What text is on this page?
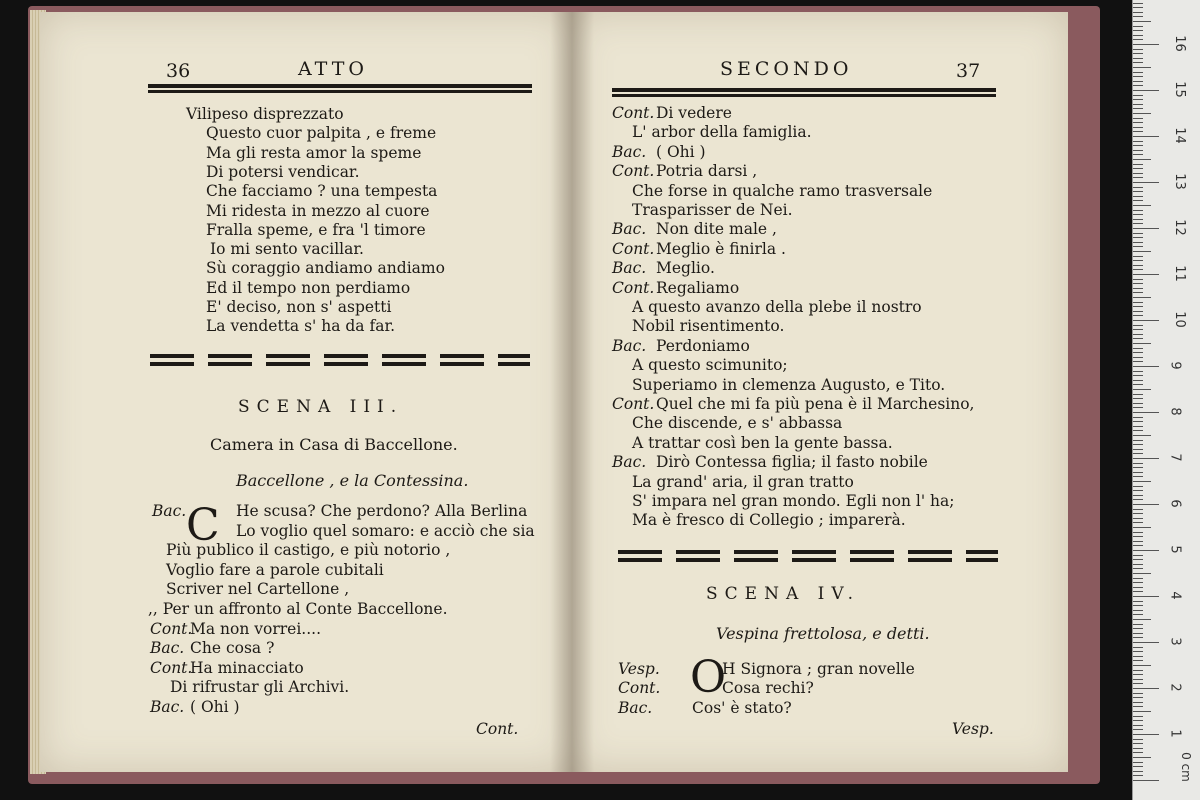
36	ATTO
Vilipeso disprezzato
Questo cuor palpita , e freme
Ma gli resta amor la speme
Di potersi vendicar.
Che facciamo ? una tempesta
Mi ridesta in mezzo al cuore
Fralla speme, e fra 'l timore
Io mi sento vacillar.
Sù coraggio andiamo andiamo
Ed il tempo non perdiamo
E' deciso, non s' aspetti
La vendetta s' ha da far.
SCENA III.
Camera in Casa di Baccellone.
Baccellone , e la Contessina.
C
Bac.	He scusa? Che perdono? Alla Berlina
Lo voglio quel somaro: e acciò che sia
Più publico il castigo, e più notorio ,
Voglio fare a parole cubitali
Scriver nel Cartellone ,
,, Per un affronto al Conte Baccellone.
Cont.
Ma non vorrei....
Bac. Che cosa ?
Cont.
Ha minacciato
Di rifrustar gli Archivi.
Bac. ( Ohi )
Cont.
SECONDO	37
Cont. Di vedere
L' arbor della famiglia.
Bac. ( Ohi )
Cont. Potria darsi ,
Che forse in qualche ramo trasversale
Trasparisser de Nei.
Bac. Non dite male ,
Cont. Meglio è finirla .
Bac. Meglio.
Cont. Regaliamo
A questo avanzo della plebe il nostro
Nobil risentimento.
Bac. Perdoniamo
A questo scimunito;
Superiamo in clemenza Augusto, e Tito.
Cont. Quel che mi fa più pena è il Marchesino,
Che discende, e s' abbassa
A trattar così ben la gente bassa.
Bac. Dirò Contessa figlia; il fasto nobile
La grand' aria, il gran tratto
S' impara nel gran mondo. Egli non l' ha;
Ma è fresco di Collegio ; imparerà.
SCENA IV.
Vespina frettolosa, e detti.
O
Vesp.	H Signora ; gran novelle
Cont.	Cosa rechi?
Bac.	Cos' è stato?
Vesp.
16
15
14
13
12
11
10
9
8
7
6
5
4
3
2
1
0 cm
